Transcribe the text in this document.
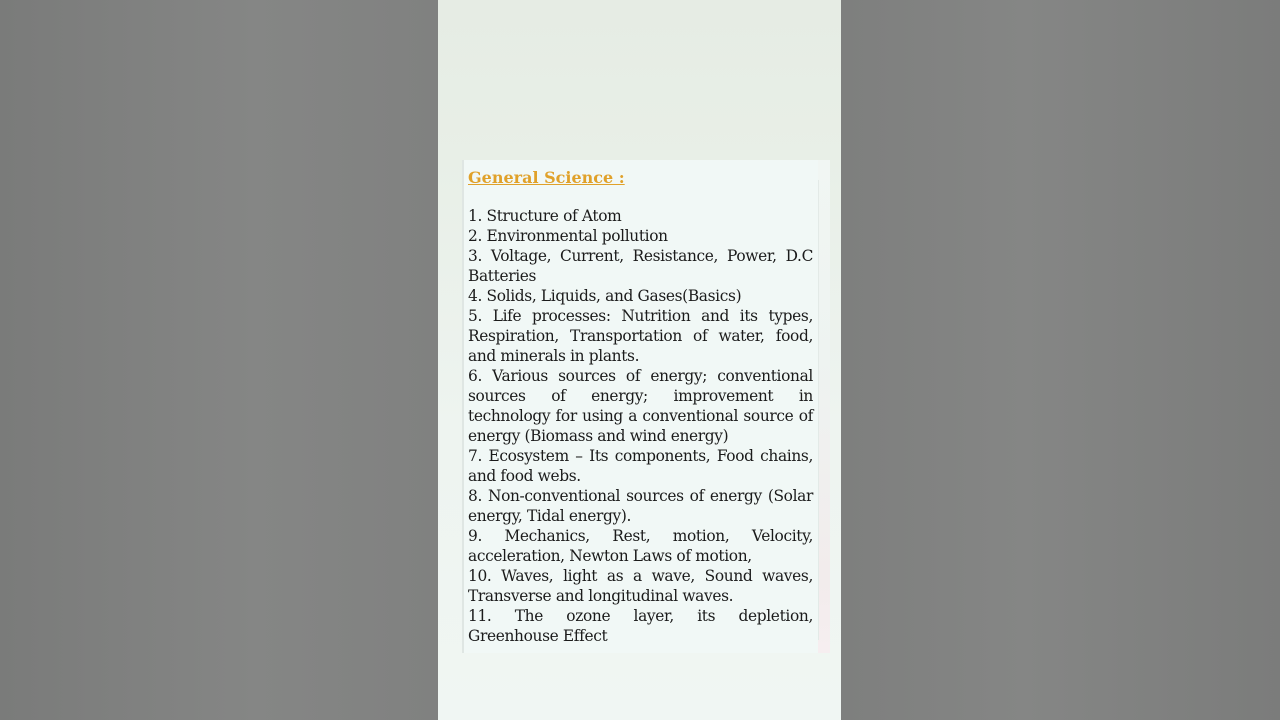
General Science :

1. Structure of Atom

2. Environmental pollution

3. Voltage, Current, Resistance, Power, D.C Batteries

4. Solids, Liquids, and Gases(Basics)

5. Life processes: Nutrition and its types, Respiration, Transportation of water, food, and minerals in plants.

6. Various sources of energy; conventional sources of energy; improvement in technology for using a conventional source of energy (Biomass and wind energy)

7. Ecosystem – Its components, Food chains, and food webs.

8. Non-conventional sources of energy (Solar energy, Tidal energy).

9. Mechanics, Rest, motion, Velocity, acceleration, Newton Laws of motion,

10. Waves, light as a wave, Sound waves, Transverse and longitudinal waves.

11. The ozone layer, its depletion, Greenhouse Effect
